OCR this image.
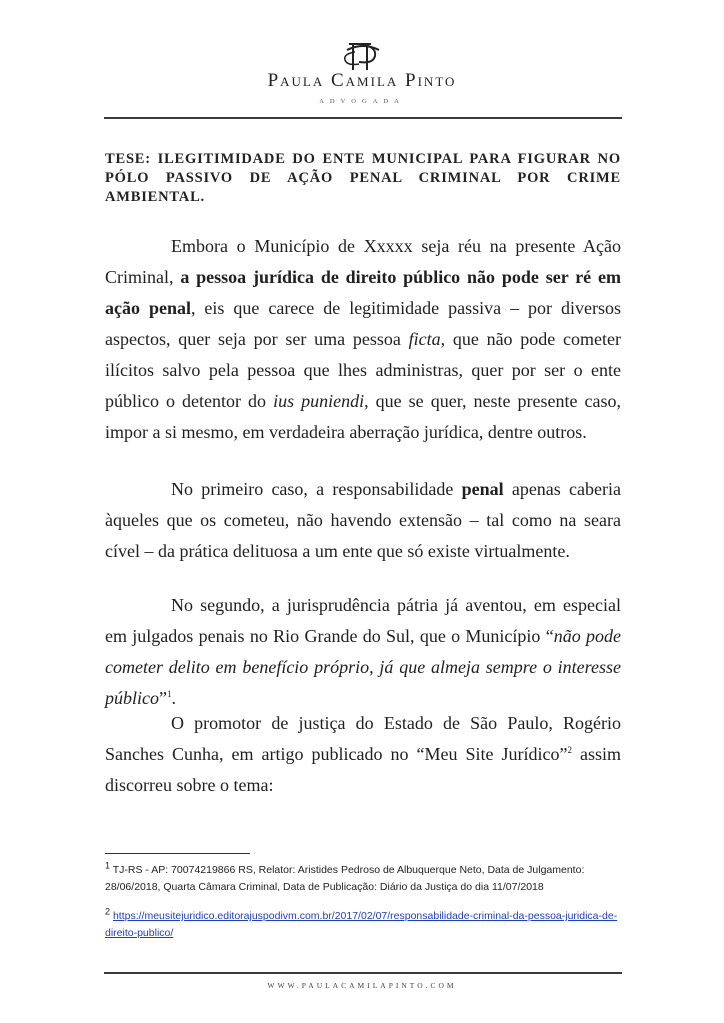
Paula Camila Pinto
ADVOGADA
TESE: ILEGITIMIDADE DO ENTE MUNICIPAL PARA FIGURAR NO PÓLO PASSIVO DE AÇÃO PENAL CRIMINAL POR CRIME AMBIENTAL.
Embora o Município de Xxxxx seja réu na presente Ação Criminal, a pessoa jurídica de direito público não pode ser ré em ação penal, eis que carece de legitimidade passiva – por diversos aspectos, quer seja por ser uma pessoa ficta, que não pode cometer ilícitos salvo pela pessoa que lhes administras, quer por ser o ente público o detentor do ius puniendi, que se quer, neste presente caso, impor a si mesmo, em verdadeira aberração jurídica, dentre outros.
No primeiro caso, a responsabilidade penal apenas caberia àqueles que os cometeu, não havendo extensão – tal como na seara cível – da prática delituosa a um ente que só existe virtualmente.
No segundo, a jurisprudência pátria já aventou, em especial em julgados penais no Rio Grande do Sul, que o Município “não pode cometer delito em benefício próprio, já que almeja sempre o interesse público”$^1$.
O promotor de justiça do Estado de São Paulo, Rogério Sanches Cunha, em artigo publicado no “Meu Site Jurídico”$^2$ assim discorreu sobre o tema:
$^1$ TJ-RS - AP: 70074219866 RS, Relator: Aristides Pedroso de Albuquerque Neto, Data de Julgamento: 28/06/2018, Quarta Câmara Criminal, Data de Publicação: Diário da Justiça do dia 11/07/2018
$^2$ https://meusitejuridico.editorajuspodivm.com.br/2017/02/07/responsabilidade-criminal-da-pessoa-juridica-de-direito-publico/
WWW.PAULACAMILAPINTO.COM
